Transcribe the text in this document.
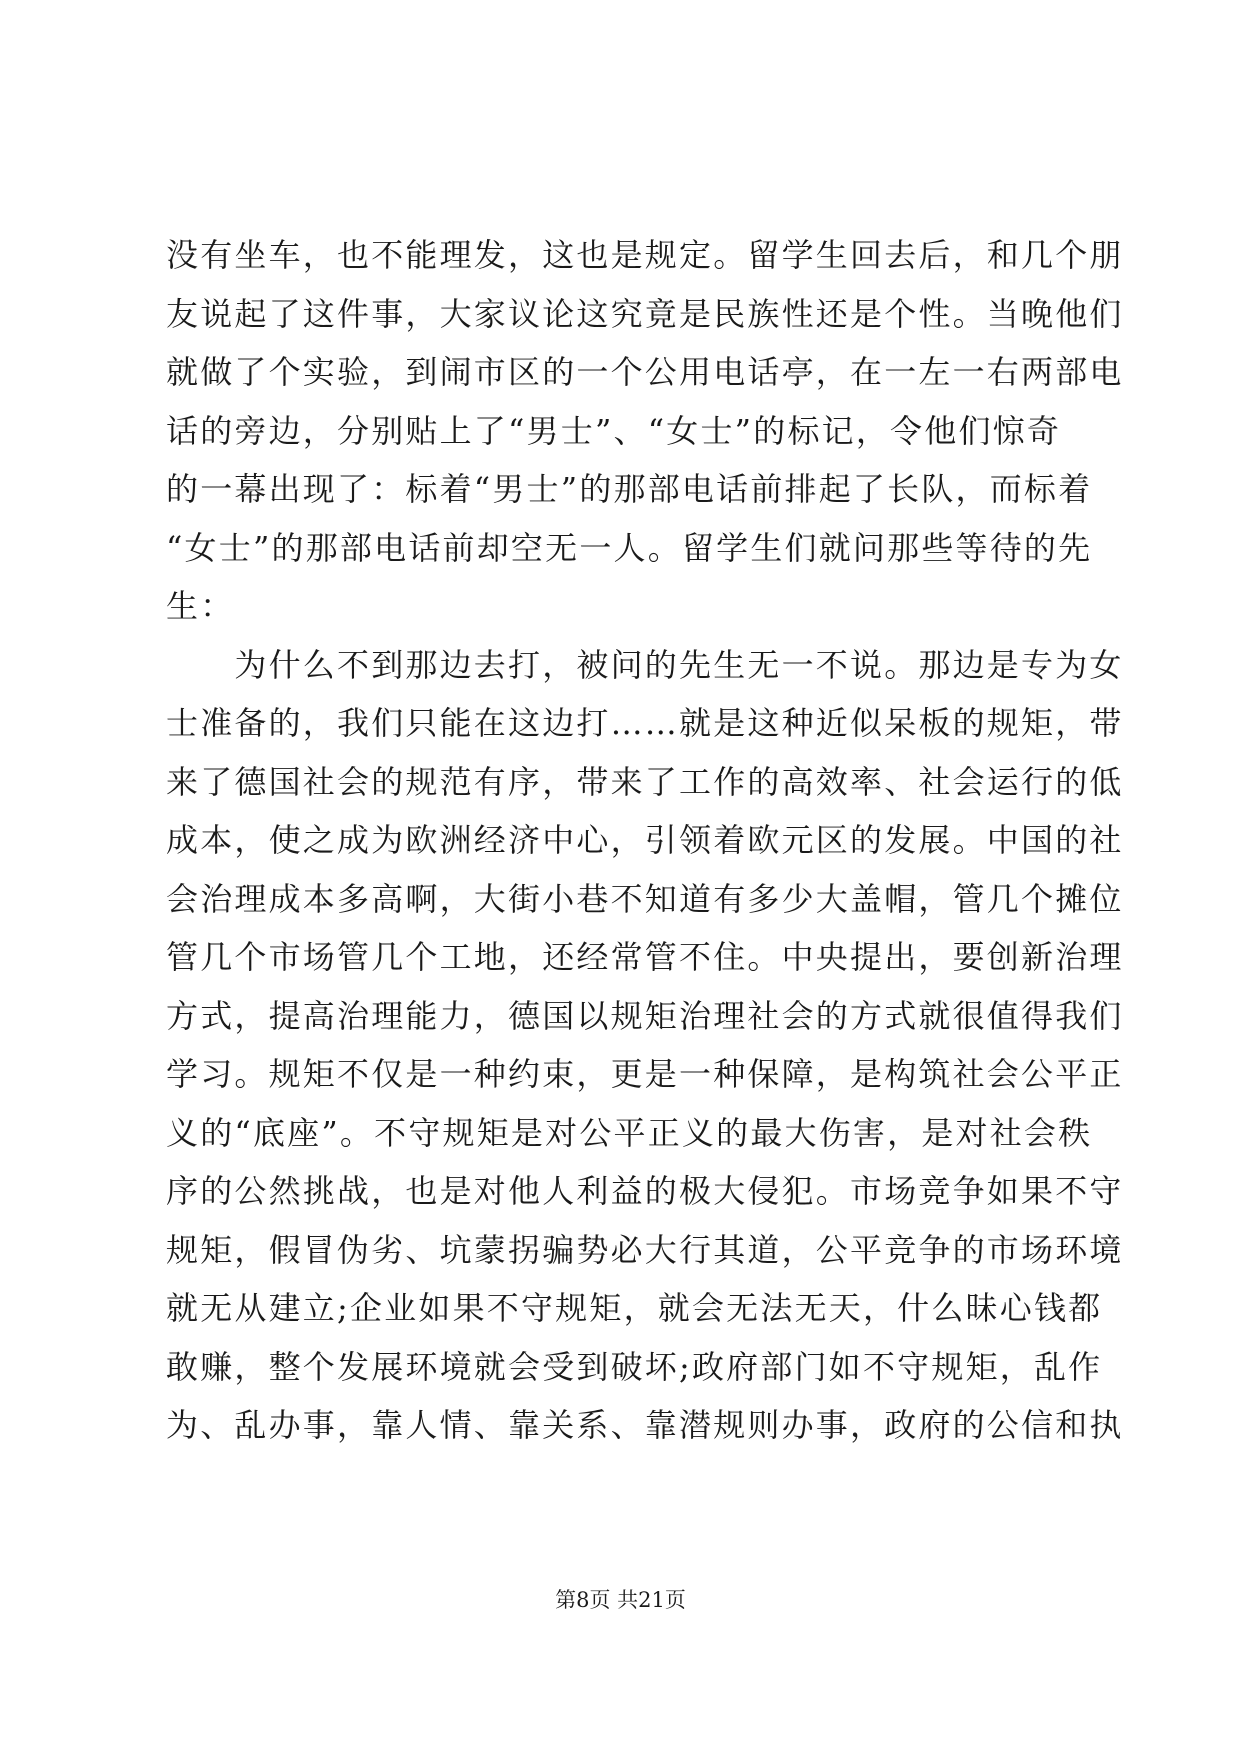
没有坐车，也不能理发，这也是规定。留学生回去后，和几个朋
友说起了这件事，大家议论这究竟是民族性还是个性。当晚他们
就做了个实验，到闹市区的一个公用电话亭，在一左一右两部电
话的旁边，分别贴上了“男士”、“女士”的标记，令他们惊奇
的一幕出现了：标着“男士”的那部电话前排起了长队，而标着
“女士”的那部电话前却空无一人。留学生们就问那些等待的先
生：
　　为什么不到那边去打，被问的先生无一不说。那边是专为女
士准备的，我们只能在这边打……就是这种近似呆板的规矩，带
来了德国社会的规范有序，带来了工作的高效率、社会运行的低
成本，使之成为欧洲经济中心，引领着欧元区的发展。中国的社
会治理成本多高啊，大街小巷不知道有多少大盖帽，管几个摊位
管几个市场管几个工地，还经常管不住。中央提出，要创新治理
方式，提高治理能力，德国以规矩治理社会的方式就很值得我们
学习。规矩不仅是一种约束，更是一种保障，是构筑社会公平正
义的“底座”。不守规矩是对公平正义的最大伤害，是对社会秩
序的公然挑战，也是对他人利益的极大侵犯。市场竞争如果不守
规矩，假冒伪劣、坑蒙拐骗势必大行其道，公平竞争的市场环境
就无从建立;企业如果不守规矩，就会无法无天，什么昧心钱都
敢赚，整个发展环境就会受到破坏;政府部门如不守规矩，乱作
为、乱办事，靠人情、靠关系、靠潜规则办事，政府的公信和执
第8页 共21页
